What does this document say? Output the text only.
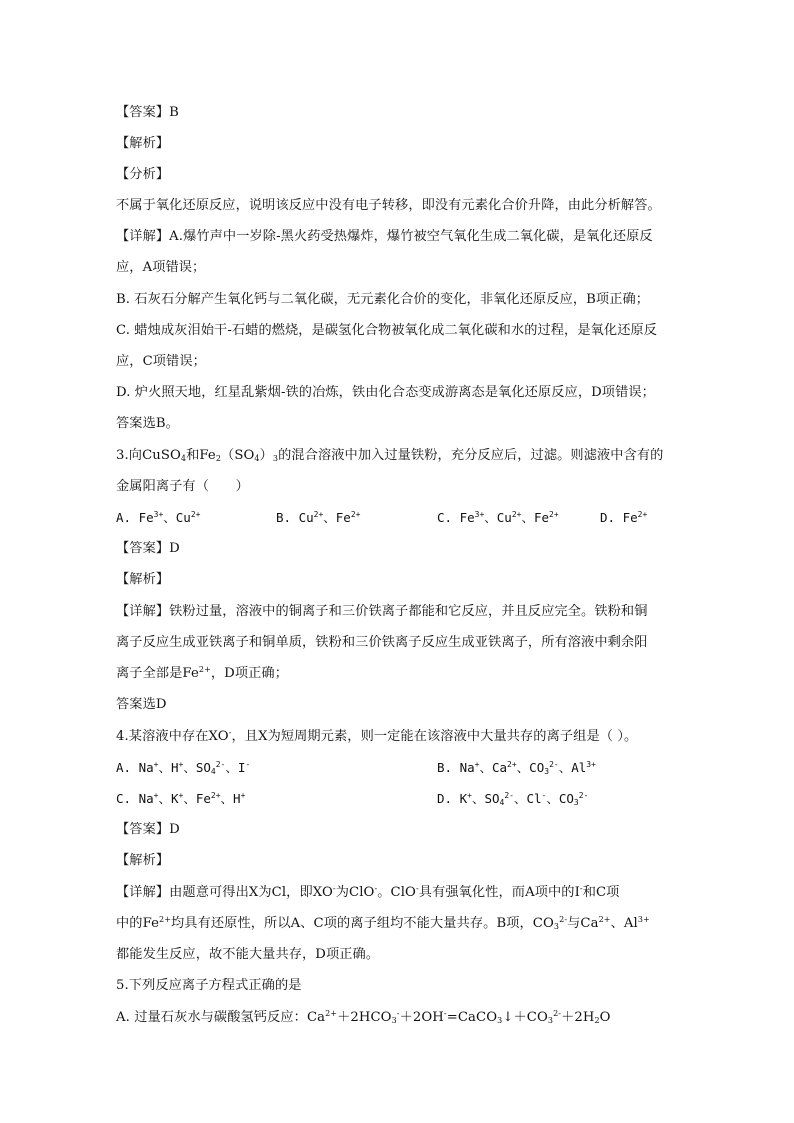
【答案】B
【解析】
【分析】
不属于氧化还原反应，说明该反应中没有电子转移，即没有元素化合价升降，由此分析解答。
【详解】A.爆竹声中一岁除-黑火药受热爆炸，爆竹被空气氧化生成二氧化碳，是氧化还原反
应，A项错误；
B. 石灰石分解产生氧化钙与二氧化碳，无元素化合价的变化，非氧化还原反应，B项正确；
C. 蜡烛成灰泪始干-石蜡的燃烧，是碳氢化合物被氧化成二氧化碳和水的过程，是氧化还原反
应，C项错误；
D. 炉火照天地，红星乱紫烟-铁的冶炼，铁由化合态变成游离态是氧化还原反应，D项错误；
答案选B。
3.向CuSO$_4$和$Fe_2(SO_4)_3$的混合溶液中加入过量铁粉，充分反应后，过滤。则滤液中含有的
金属阳离子有（　　）
A. $Fe^{3+}$、$Cu^{2+}$	B. $Cu^{2+}$、$Fe^{2+}$	C. $Fe^{3+}$、$Cu^{2+}$、$Fe^{2+}$	D. $Fe^{2+}$
【答案】D
【解析】
【详解】铁粉过量，溶液中的铜离子和三价铁离子都能和它反应，并且反应完全。铁粉和铜
离子反应生成亚铁离子和铜单质，铁粉和三价铁离子反应生成亚铁离子，所有溶液中剩余阳
离子全部是$Fe^{2+}$，D项正确；
答案选D
4.某溶液中存在XO-，且X为短周期元素，则一定能在该溶液中大量共存的离子组是（ ）。
A. Na+、H+、$SO_4^{2-}$、I-	B. Na+、$Ca^{2+}$、$CO_3^{2-}$、$Al^{3+}$
C. Na+、K+、$Fe^{2+}$、H+	D. K+、$SO_4^{2-}$、Cl-、$CO_3^{2-}$
【答案】D
【解析】
【详解】由题意可得出X为Cl，即XO-为ClO-。ClO-具有强氧化性，而A项中的I-和C项
中的$Fe^{2+}$均具有还原性，所以A、C项的离子组均不能大量共存。B项，$CO_3^{2-}$与$Ca^{2+}$、$Al^{3+}$
都能发生反应，故不能大量共存，D项正确。
5.下列反应离子方程式正确的是
A. 过量石灰水与碳酸氢钙反应：$Ca^{2+}+2HCO_3^-+2OH^-=CaCO_3↓+CO_3^{2-}+2H_2O$
